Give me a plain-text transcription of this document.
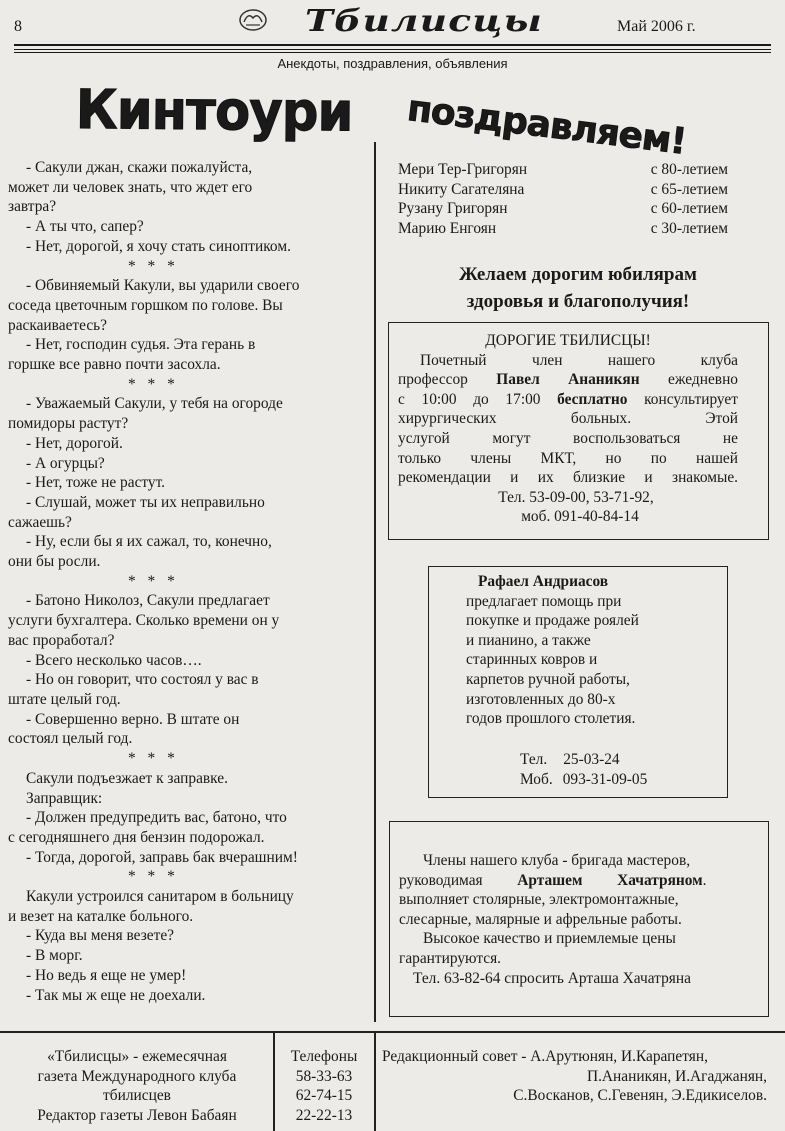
8	Тбилисцы	Май 2006 г.
Анекдоты, поздравления, объявления
Кинтоури поздравляем!
- Сакули джан, скажи пожалуйста,
может ли человек знать, что ждет его
завтра?
- А ты что, сапер?
- Нет, дорогой, я хочу стать синоптиком.
* * *
- Обвиняемый Какули, вы ударили своего
соседа цветочным горшком по голове. Вы
раскаиваетесь?
- Нет, господин судья. Эта герань в
горшке все равно почти засохла.
* * *
- Уважаемый Сакули, у тебя на огороде
помидоры растут?
- Нет, дорогой.
- А огурцы?
- Нет, тоже не растут.
- Слушай, может ты их неправильно
сажаешь?
- Ну, если бы я их сажал, то, конечно,
они бы росли.
* * *
- Батоно Николоз, Сакули предлагает
услуги бухгалтера. Сколько времени он у
вас проработал?
- Всего несколько часов….
- Но он говорит, что состоял у вас в
штате целый год.
- Совершенно верно. В штате он
состоял целый год.
* * *
Сакули подъезжает к заправке.
Заправщик:
- Должен предупредить вас, батоно, что
с сегодняшнего дня бензин подорожал.
- Тогда, дорогой, заправь бак вчерашним!
* * *
Какули устроился санитаром в больницу
и везет на каталке больного.
- Куда вы меня везете?
- В морг.
- Но ведь я еще не умер!
- Так мы ж еще не доехали.
Мери Тер-Григорян	с 80-летием
Никиту Сагателяна	с 65-летием
Рузану Григорян	с 60-летием
Марию Енгоян	с 30-летием
Желаем дорогим юбилярам
здоровья и благополучия!
ДОРОГИЕ ТБИЛИСЦЫ!
Почетный член нашего клуба
профессор Павел Ананикян ежедневно
с 10:00 до 17:00 бесплатно консультирует
хирургических больных. Этой
услугой могут воспользоваться не
только члены МКТ, но по нашей
рекомендации и их близкие и знакомые.
Тел. 53-09-00, 53-71-92,
моб. 091-40-84-14
Рафаел Андриасов
предлагает помощь при
покупке и продаже роялей
и пианино, а также
старинных ковров и
карпетов ручной работы,
изготовленных до 80-х
годов прошлого столетия.
Тел. 25-03-24
Моб. 093-31-09-05
Члены нашего клуба - бригада мастеров,
руководимая         Арташем         Хачатряном.
выполняет столярные, электромонтажные,
слесарные, малярные и афрельные работы.
Высокое качество и приемлемые цены
гарантируются.
Тел. 63-82-64 спросить Арташа Хачатряна
«Тбилисцы» - ежемесячная
газета Международного клуба
тбилисцев
Редактор газеты Левон Бабаян
Телефоны
58-33-63
62-74-15
22-22-13
Редакционный совет - А.Арутюнян, И.Карапетян,
П.Ананикян, И.Агаджанян,
С.Восканов, С.Гевенян, Э.Едикиселов.
